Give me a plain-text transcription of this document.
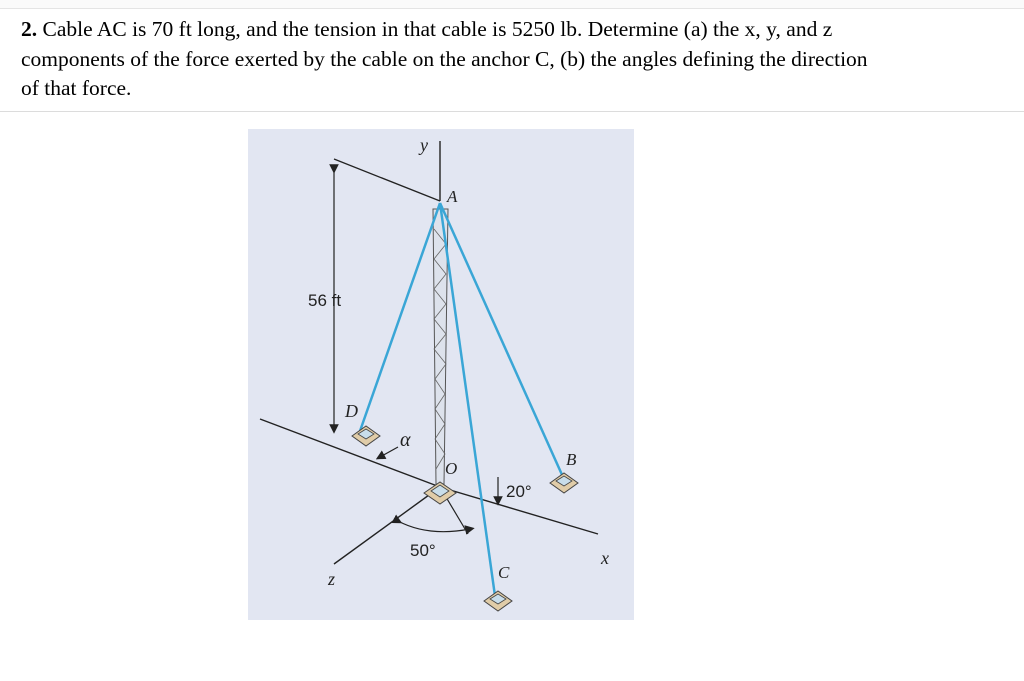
2. Cable AC is 70 ft long, and the tension in that cable is 5250 lb. Determine (a) the x, y, and z components of the force exerted by the cable on the anchor C, (b) the angles defining the direction of that force.

y
A
56 ft
D
α
O	B
20°
50°
C
x
z
